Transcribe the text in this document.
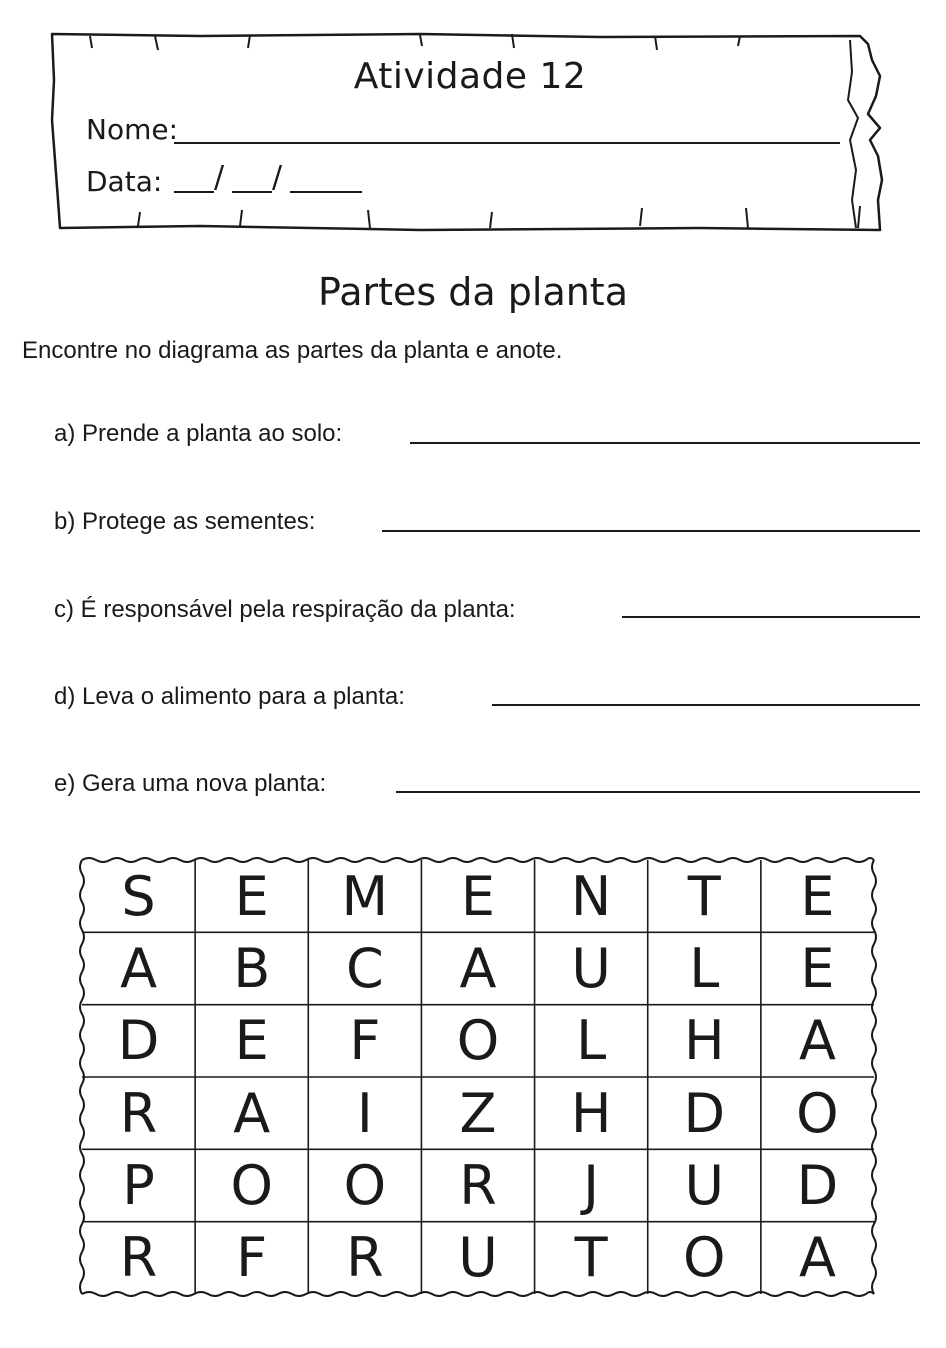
Atividade 12
Nome:
Data: / /
Partes da planta
Encontre no diagrama as partes da planta e anote.
a) Prende a planta ao solo:
b) Protege as sementes:
c) É responsável pela respiração da planta:
d) Leva o alimento para a planta:
e) Gera uma nova planta:
S	E	M	E	N	T	E
A	B	C	A	U	L	E
D	E	F	O	L	H	A
R	A	I	Z	H	D	O
P	O	O	R	J	U	D
R	F	R	U	T	O	A
